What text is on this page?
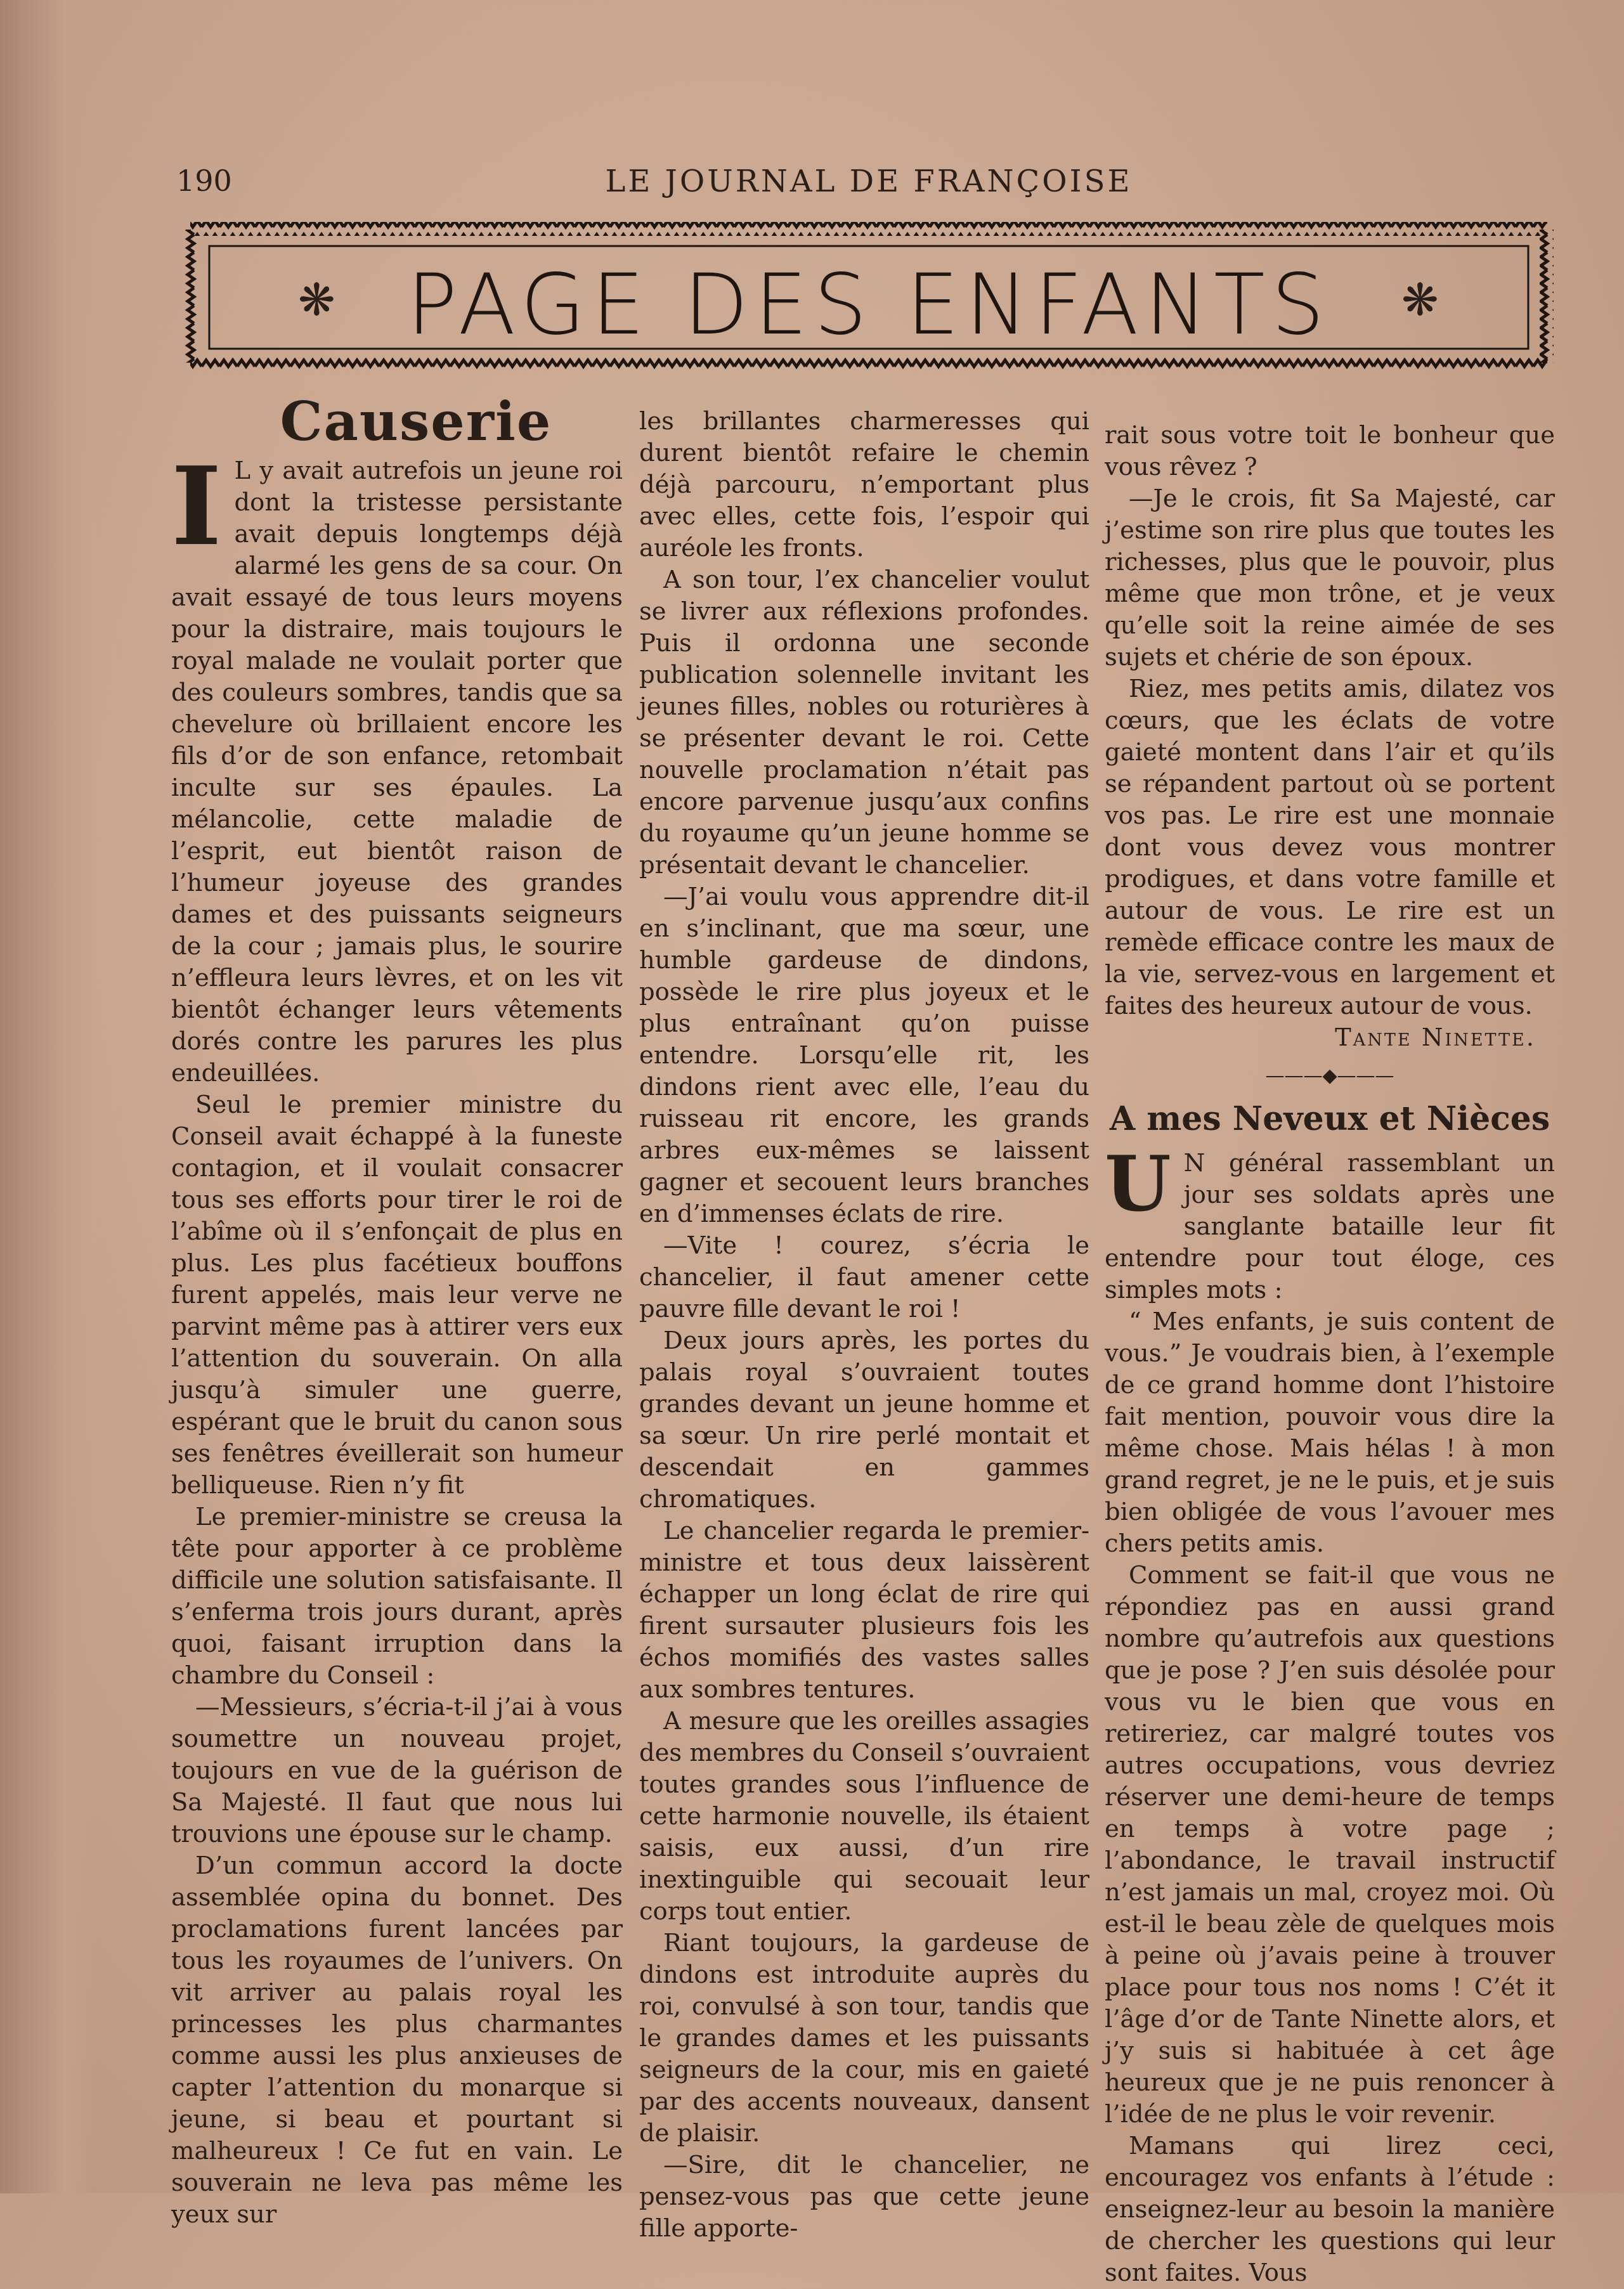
190	LE JOURNAL DE FRANÇOISE
❋ PAGE DES ENFANTS	❋
Causerie

I L y avait autrefois un jeune roi dont la tristesse persistante avait depuis longtemps déjà alarmé les gens de sa cour. On avait essayé de tous leurs moyens pour la distraire, mais toujours le royal malade ne voulait porter que des couleurs sombres, tandis que sa chevelure où brillaient encore les fils d’or de son enfance, retombait inculte sur ses épaules. La mélancolie, cette maladie de l’esprit, eut bientôt raison de l’humeur joyeuse des grandes dames et des puissants seigneurs de la cour ; jamais plus, le sourire n’effleura leurs lèvres, et on les vit bientôt échanger leurs vêtements dorés contre les parures les plus endeuillées.

Seul le premier ministre du Conseil avait échappé à la funeste contagion, et il voulait consacrer tous ses efforts pour tirer le roi de l’abîme où il s’enfonçait de plus en plus. Les plus facétieux bouffons furent appelés, mais leur verve ne parvint même pas à attirer vers eux l’attention du souverain. On alla jusqu’à simuler une guerre, espérant que le bruit du canon sous ses fenêtres éveillerait son humeur belliqueuse. Rien n’y fit

Le premier-ministre se creusa la tête pour apporter à ce problème difficile une solution satisfaisante. Il s’enferma trois jours durant, après quoi, faisant irruption dans la chambre du Conseil :

—Messieurs, s’écria-t-il j’ai à vous soumettre un nouveau projet, toujours en vue de la guérison de Sa Majesté. Il faut que nous lui trouvions une épouse sur le champ.

D’un commun accord la docte assemblée opina du bonnet. Des proclamations furent lancées par tous les royaumes de l’univers. On vit arriver au palais royal les princesses les plus charmantes comme aussi les plus anxieuses de capter l’attention du monarque si jeune, si beau et pourtant si malheureux ! Ce fut en vain. Le souverain ne leva pas même les yeux sur

les brillantes charmeresses qui durent bientôt refaire le chemin déjà parcouru, n’emportant plus avec elles, cette fois, l’espoir qui auréole les fronts.

A son tour, l’ex chancelier voulut se livrer aux réflexions profondes. Puis il ordonna une seconde publication solennelle invitant les jeunes filles, nobles ou roturières à se présenter devant le roi. Cette nouvelle proclamation n’était pas encore parvenue jusqu’aux confins du royaume qu’un jeune homme se présentait devant le chancelier.

—J’ai voulu vous apprendre dit-il en s’inclinant, que ma sœur, une humble gardeuse de dindons, possède le rire plus joyeux et le plus entraînant qu’on puisse entendre. Lorsqu’elle rit, les dindons rient avec elle, l’eau du ruisseau rit encore, les grands arbres eux-mêmes se laissent gagner et secouent leurs branches en d’immenses éclats de rire.

—Vite ! courez, s’écria le chancelier, il faut amener cette pauvre fille devant le roi !

Deux jours après, les portes du palais royal s’ouvraient toutes grandes devant un jeune homme et sa sœur. Un rire perlé montait et descendait en gammes chromatiques.

Le chancelier regarda le premier-ministre et tous deux laissèrent échapper un long éclat de rire qui firent sursauter plusieurs fois les échos momifiés des vastes salles aux sombres tentures.

A mesure que les oreilles assagies des membres du Conseil s’ouvraient toutes grandes sous l’influence de cette harmonie nouvelle, ils étaient saisis, eux aussi, d’un rire inextinguible qui secouait leur corps tout entier.

Riant toujours, la gardeuse de dindons est introduite auprès du roi, convulsé à son tour, tandis que le grandes dames et les puissants seigneurs de la cour, mis en gaieté par des accents nouveaux, dansent de plaisir.

—Sire, dit le chancelier, ne pensez-vous pas que cette jeune fille apporte-

rait sous votre toit le bonheur que vous rêvez ?

—Je le crois, fit Sa Majesté, car j’estime son rire plus que toutes les richesses, plus que le pouvoir, plus même que mon trône, et je veux qu’elle soit la reine aimée de ses sujets et chérie de son époux.

Riez, mes petits amis, dilatez vos cœurs, que les éclats de votre gaieté montent dans l’air et qu’ils se répandent partout où se portent vos pas. Le rire est une monnaie dont vous devez vous montrer prodigues, et dans votre famille et autour de vous. Le rire est un remède efficace contre les maux de la vie, servez-vous en largement et faites des heureux autour de vous.

Tante Ninette.
———◆———
A mes Neveux et Nièces

U N général rassemblant un jour ses soldats après une sanglante bataille leur fit entendre pour tout éloge, ces simples mots :

“ Mes enfants, je suis content de vous.” Je voudrais bien, à l’exemple de ce grand homme dont l’histoire fait mention, pouvoir vous dire la même chose. Mais hélas ! à mon grand regret, je ne le puis, et je suis bien obligée de vous l’avouer mes chers petits amis.

Comment se fait-il que vous ne répondiez pas en aussi grand nombre qu’autrefois aux questions que je pose ? J’en suis désolée pour vous vu le bien que vous en retireriez, car malgré toutes vos autres occupations, vous devriez réserver une demi-heure de temps en temps à votre page ; l’abondance, le travail instructif n’est jamais un mal, croyez moi. Où est-il le beau zèle de quelques mois à peine où j’avais peine à trouver place pour tous nos noms ! C’ét it l’âge d’or de Tante Ninette alors, et j’y suis si habituée à cet âge heureux que je ne puis renoncer à l’idée de ne plus le voir revenir.

Mamans qui lirez ceci, encouragez vos enfants à l’étude : enseignez-leur au besoin la manière de chercher les questions qui leur sont faites. Vous
